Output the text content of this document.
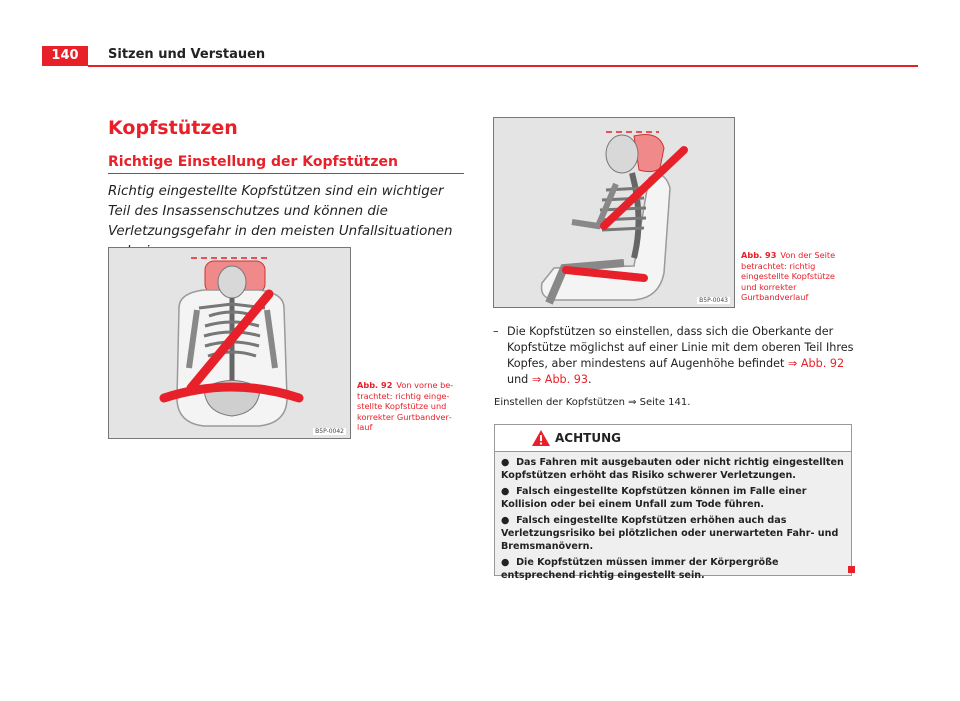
140	Sitzen und Verstauen
Kopfstützen
Richtige Einstellung der Kopfstützen
Richtig eingestellte Kopfstützen sind ein wichtiger Teil des Insassenschutzes und können die Verletzungsgefahr in den meisten Unfallsituationen
B5P-0042
Abb. 92 Von vorne betrachtet: richtig eingestellte Kopfstütze und korrekter Gurtbandverlauf
B5P-0043
Abb. 93 Von der Seite betrachtet: richtig eingestellte Kopfstütze und korrekter Gurtbandverlauf
– Die Kopfstützen so einstellen, dass sich die Oberkante der Kopfstütze möglichst auf einer Linie mit dem oberen Teil Ihres Kopfes, aber mindestens auf Augenhöhe befindet ⇒ Abb. 92 und ⇒ Abb. 93.
Einstellen der Kopfstützen ⇒ Seite 141.
ACHTUNG

● Das Fahren mit ausgebauten oder nicht richtig eingestellten Kopfstützen erhöht das Risiko schwerer Verletzungen.

● Falsch eingestellte Kopfstützen können im Falle einer Kollision oder bei einem Unfall zum Tode führen.

● Falsch eingestellte Kopfstützen erhöhen auch das Verletzungsrisiko bei plötzlichen oder unerwarteten Fahr- und Bremsmanövern.

● Die Kopfstützen müssen immer der Körpergröße entsprechend richtig eingestellt sein.
